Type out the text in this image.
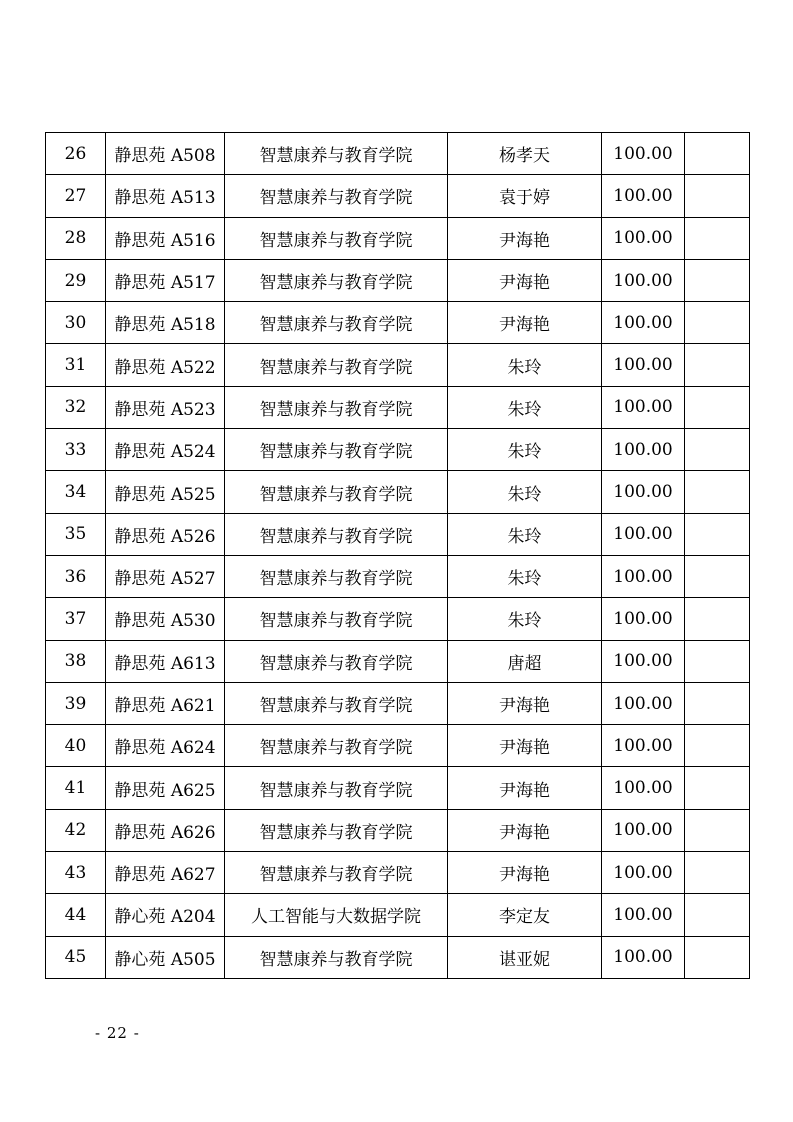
26	静思苑 A508	智慧康养与教育学院	杨孝天	100.00	
27	静思苑 A513	智慧康养与教育学院	袁于婷	100.00	
28	静思苑 A516	智慧康养与教育学院	尹海艳	100.00	
29	静思苑 A517	智慧康养与教育学院	尹海艳	100.00	
30	静思苑 A518	智慧康养与教育学院	尹海艳	100.00	
31	静思苑 A522	智慧康养与教育学院	朱玲	100.00	
32	静思苑 A523	智慧康养与教育学院	朱玲	100.00	
33	静思苑 A524	智慧康养与教育学院	朱玲	100.00	
34	静思苑 A525	智慧康养与教育学院	朱玲	100.00	
35	静思苑 A526	智慧康养与教育学院	朱玲	100.00	
36	静思苑 A527	智慧康养与教育学院	朱玲	100.00	
37	静思苑 A530	智慧康养与教育学院	朱玲	100.00	
38	静思苑 A613	智慧康养与教育学院	唐超	100.00	
39	静思苑 A621	智慧康养与教育学院	尹海艳	100.00	
40	静思苑 A624	智慧康养与教育学院	尹海艳	100.00	
41	静思苑 A625	智慧康养与教育学院	尹海艳	100.00	
42	静思苑 A626	智慧康养与教育学院	尹海艳	100.00	
43	静思苑 A627	智慧康养与教育学院	尹海艳	100.00	
44	静心苑 A204	人工智能与大数据学院	李定友	100.00	
45	静心苑 A505	智慧康养与教育学院	谌亚妮	100.00	
- 22 -
